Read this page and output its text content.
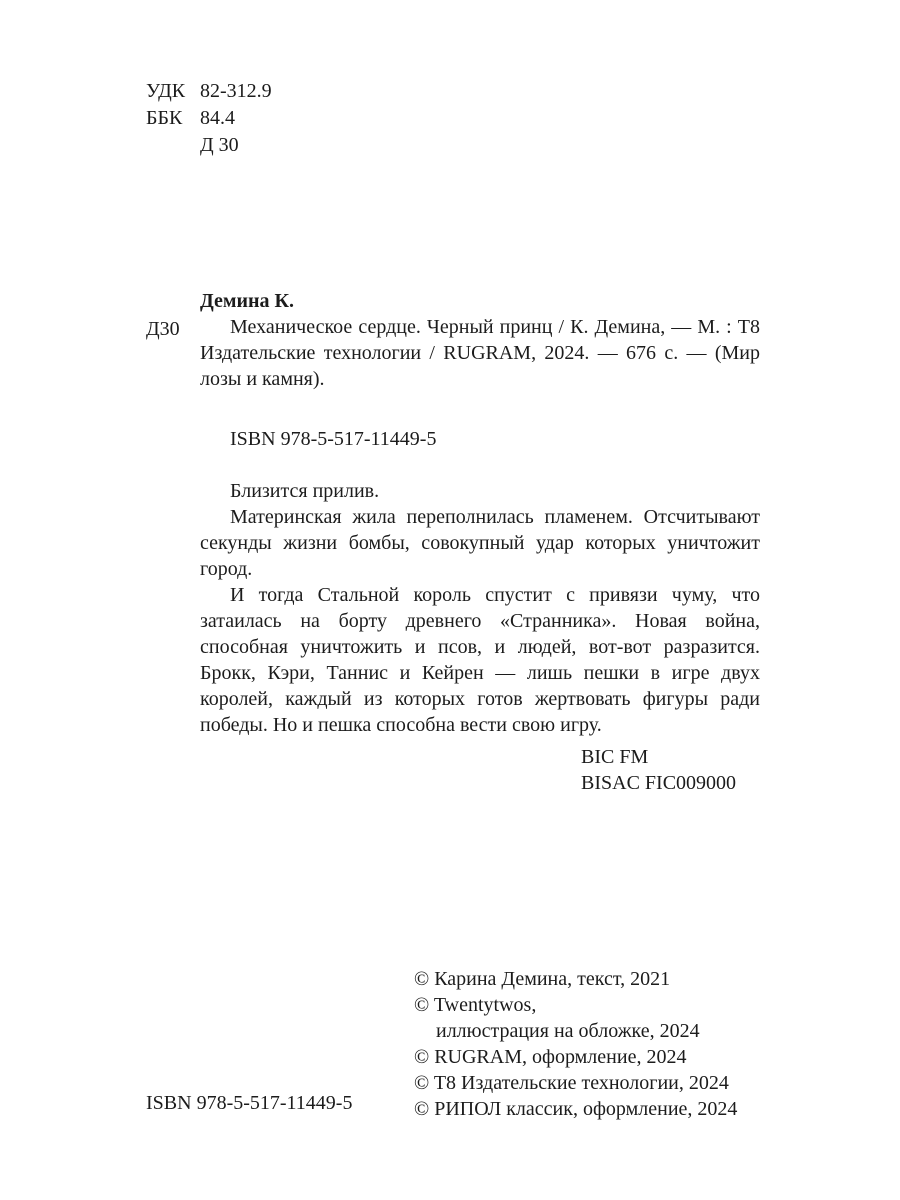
УДК 82-312.9
ББК 84.4
Д 30
Д30
Демина К.
Механическое сердце. Черный принц / К. Демина, — М. : T8 Издательские технологии / RUGRAM, 2024. — 676 с. — (Мир лозы и камня).
ISBN 978-5-517-11449-5

Близится прилив.

Материнская жила переполнилась пламенем. Отсчитывают секунды жизни бомбы, совокупный удар которых уничтожит город.

И тогда Стальной король спустит с привязи чуму, что затаилась на борту древнего «Странника». Новая война, способная уничтожить и псов, и людей, вот-вот разразится. Брокк, Кэри, Таннис и Кейрен — лишь пешки в игре двух королей, каждый из которых готов жертвовать фигуры ради победы. Но и пешка способна вести свою игру.

BIC FM
BISAC FIC009000
© Карина Демина, текст, 2021
© Twentytwos,
иллюстрация на обложке, 2024
© RUGRAM, оформление, 2024
© T8 Издательские технологии, 2024
© РИПОЛ классик, оформление, 2024
ISBN 978-5-517-11449-5
